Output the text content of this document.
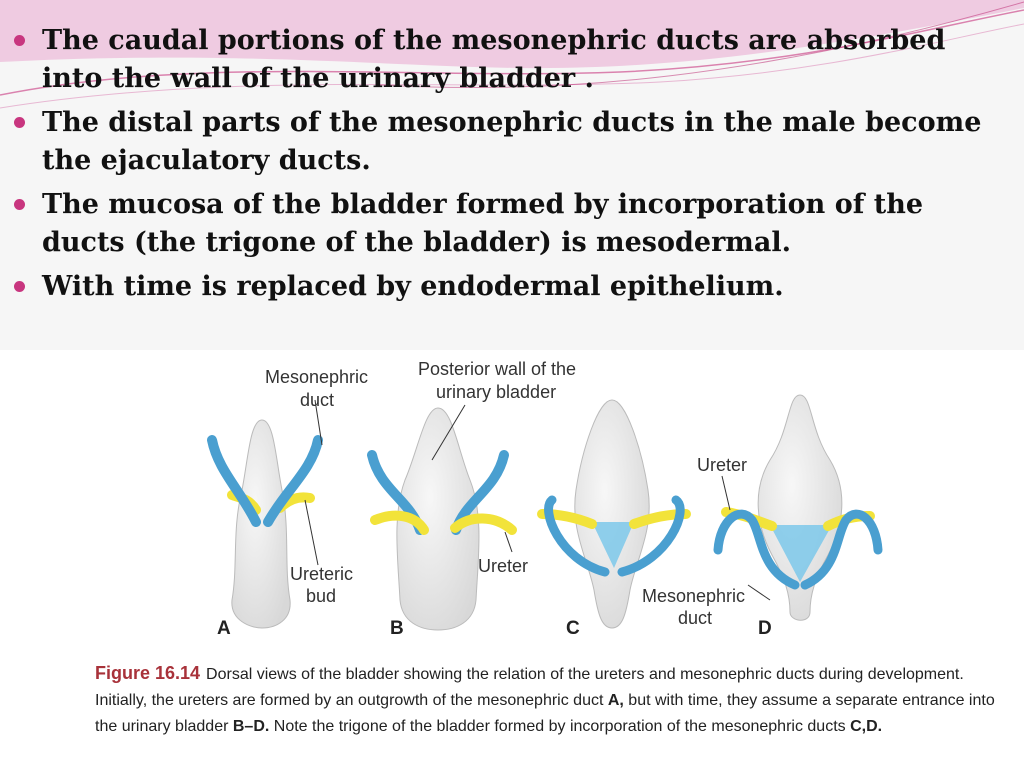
The caudal portions of the mesonephric ducts are absorbed into the wall of the urinary bladder .
The distal parts of the mesonephric ducts in the male become the ejaculatory ducts.
The mucosa of the bladder formed by incorporation of the ducts (the trigone of the bladder) is mesodermal.
With time is replaced by endodermal epithelium.
Mesonephric
duct
Ureteric
bud
A
Posterior wall of the
urinary bladder
Ureter
B	C
Ureter
Mesonephric
duct D
Figure 16.14 Dorsal views of the bladder showing the relation of the ureters and mesonephric ducts during development. Initially, the ureters are formed by an outgrowth of the mesonephric duct A, but with time, they assume a separate entrance into the urinary bladder B–D. Note the trigone of the bladder formed by incorporation of the mesonephric ducts C,D.
